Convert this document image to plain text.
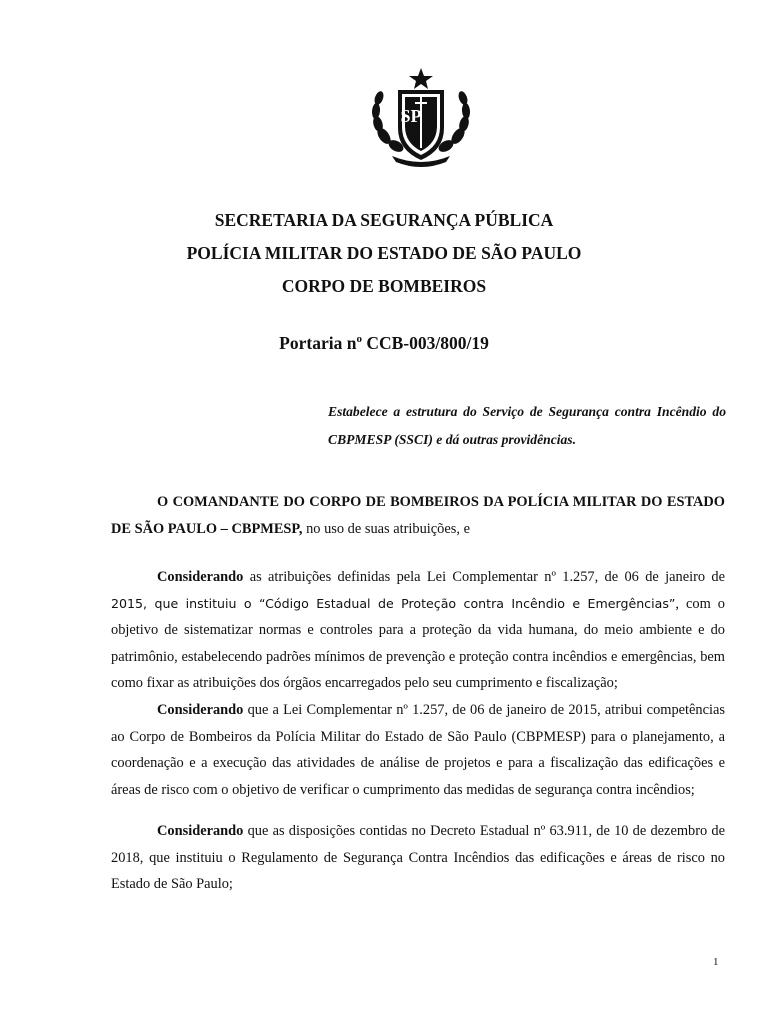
SP
SECRETARIA DA SEGURANÇA PÚBLICA
POLÍCIA MILITAR DO ESTADO DE SÃO PAULO
CORPO DE BOMBEIROS
Portaria $n^o$ CCB-003/800/19
Estabelece a estrutura do Serviço de Segurança contra Incêndio do CBPMESP (SSCI) e dá outras providências.
O COMANDANTE DO CORPO DE BOMBEIROS DA POLÍCIA MILITAR DO ESTADO DE SÃO PAULO – CBPMESP, no uso de suas atribuições, e
Considerando as atribuições definidas pela Lei Complementar nº 1.257, de 06 de janeiro de 2015, que instituiu o “Código Estadual de Proteção contra Incêndio e Emergências”, com o objetivo de sistematizar normas e controles para a proteção da vida humana, do meio ambiente e do patrimônio, estabelecendo padrões mínimos de prevenção e proteção contra incêndios e emergências, bem como fixar as atribuições dos órgãos encarregados pelo seu cumprimento e fiscalização;
Considerando que a Lei Complementar nº 1.257, de 06 de janeiro de 2015, atribui competências ao Corpo de Bombeiros da Polícia Militar do Estado de São Paulo (CBPMESP) para o planejamento, a coordenação e a execução das atividades de análise de projetos e para a fiscalização das edificações e áreas de risco com o objetivo de verificar o cumprimento das medidas de segurança contra incêndios;
Considerando que as disposições contidas no Decreto Estadual nº 63.911, de 10 de dezembro de 2018, que instituiu o Regulamento de Segurança Contra Incêndios das edificações e áreas de risco no Estado de São Paulo;
1
